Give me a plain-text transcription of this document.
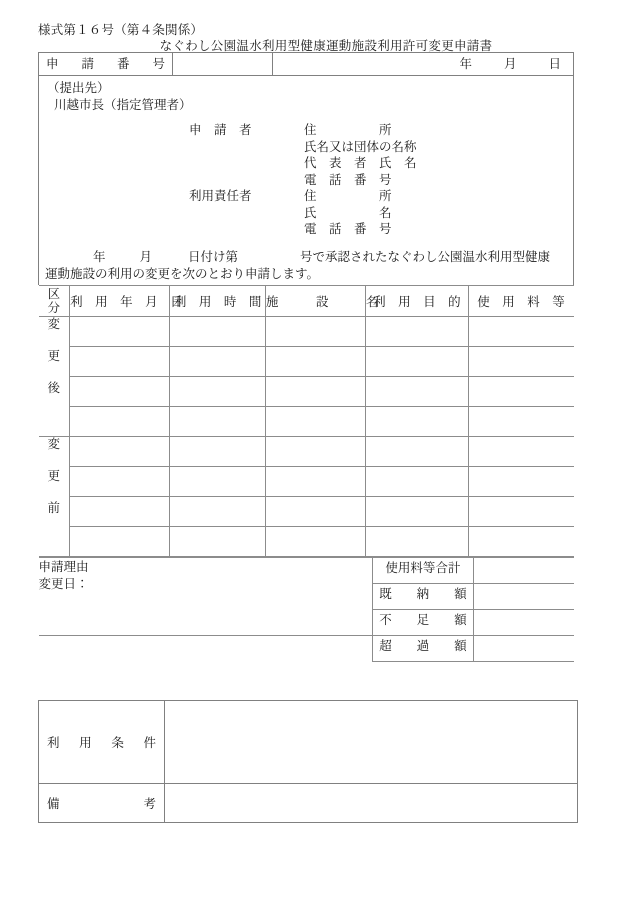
様式第１６号（第４条関係）
なぐわし公園温水利用型健康運動施設利用許可変更申請書
申 請 番 号		年	月	日

（提出先）
川越市長（指定管理者）

申　請　者	住　　　　　所
氏名又は団体の名称
代　表　者　氏　名
電　話　番　号
利用責任者	住　　　　　所
氏　　　　　名
電　話　番　号

年	月	日付け第	号で承認されたなぐわし公園温水利用型健康
運動施設の利用の変更を次のとおり申請します。

区
分	利　用　年　月　日	利　用　時　間	施　　　設　　　名	利　用　目　的	使　用　料　等

変
更
後

変
更
前

申請理由
変更日：
	使用料等合計	

既 納 額

不 足 額

超 過 額

利 用 条 件	

備 考	
